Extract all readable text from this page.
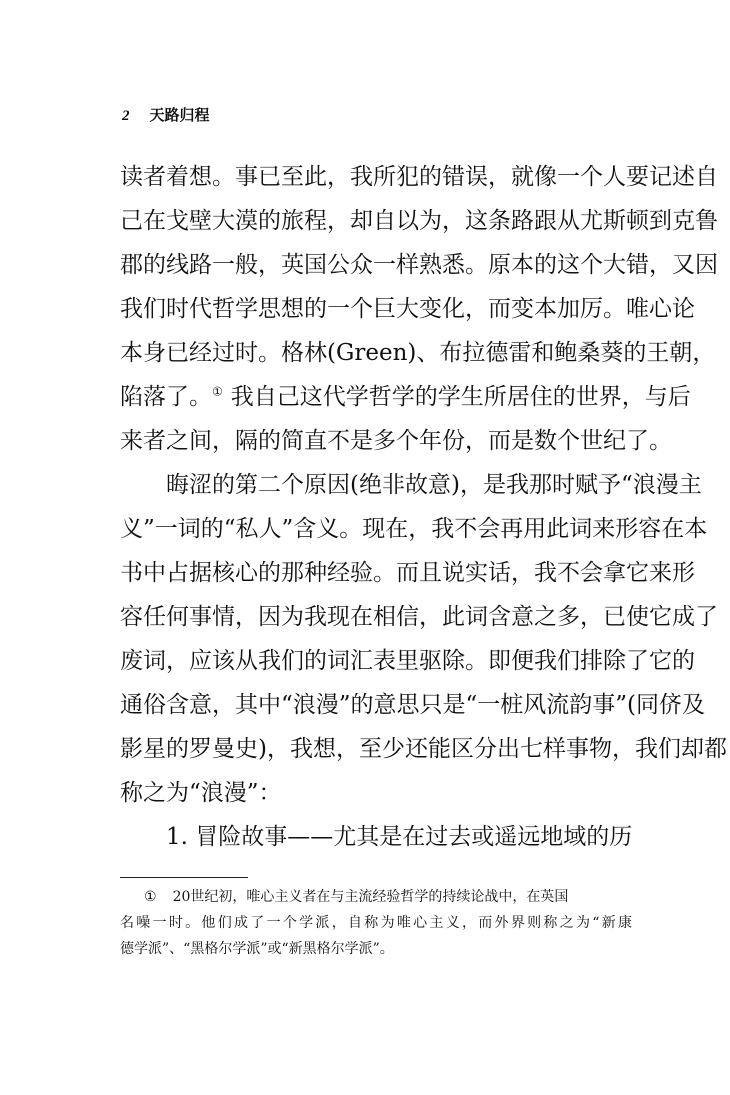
2 天路归程
读者着想。事已至此，我所犯的错误，就像一个人要记述自
己在戈壁大漠的旅程，却自以为，这条路跟从尤斯顿到克鲁
郡的线路一般，英国公众一样熟悉。原本的这个大错，又因
我们时代哲学思想的一个巨大变化，而变本加厉。唯心论
本身已经过时。格林(Green)、布拉德雷和鲍桑葵的王朝，
陷落了。① 我自己这代学哲学的学生所居住的世界，与后
来者之间，隔的简直不是多个年份，而是数个世纪了。
晦涩的第二个原因(绝非故意)，是我那时赋予“浪漫主
义”一词的“私人”含义。现在，我不会再用此词来形容在本
书中占据核心的那种经验。而且说实话，我不会拿它来形
容任何事情，因为我现在相信，此词含意之多，已使它成了
废词，应该从我们的词汇表里驱除。即便我们排除了它的
通俗含意，其中“浪漫”的意思只是“一桩风流韵事”(同侪及
影星的罗曼史)，我想，至少还能区分出七样事物，我们却都
称之为“浪漫”：
1. 冒险故事——尤其是在过去或遥远地域的历
① 20世纪初，唯心主义者在与主流经验哲学的持续论战中，在英国
名噪一时。他们成了一个学派，自称为唯心主义，而外界则称之为“新康
德学派”、“黑格尔学派”或“新黑格尔学派”。
